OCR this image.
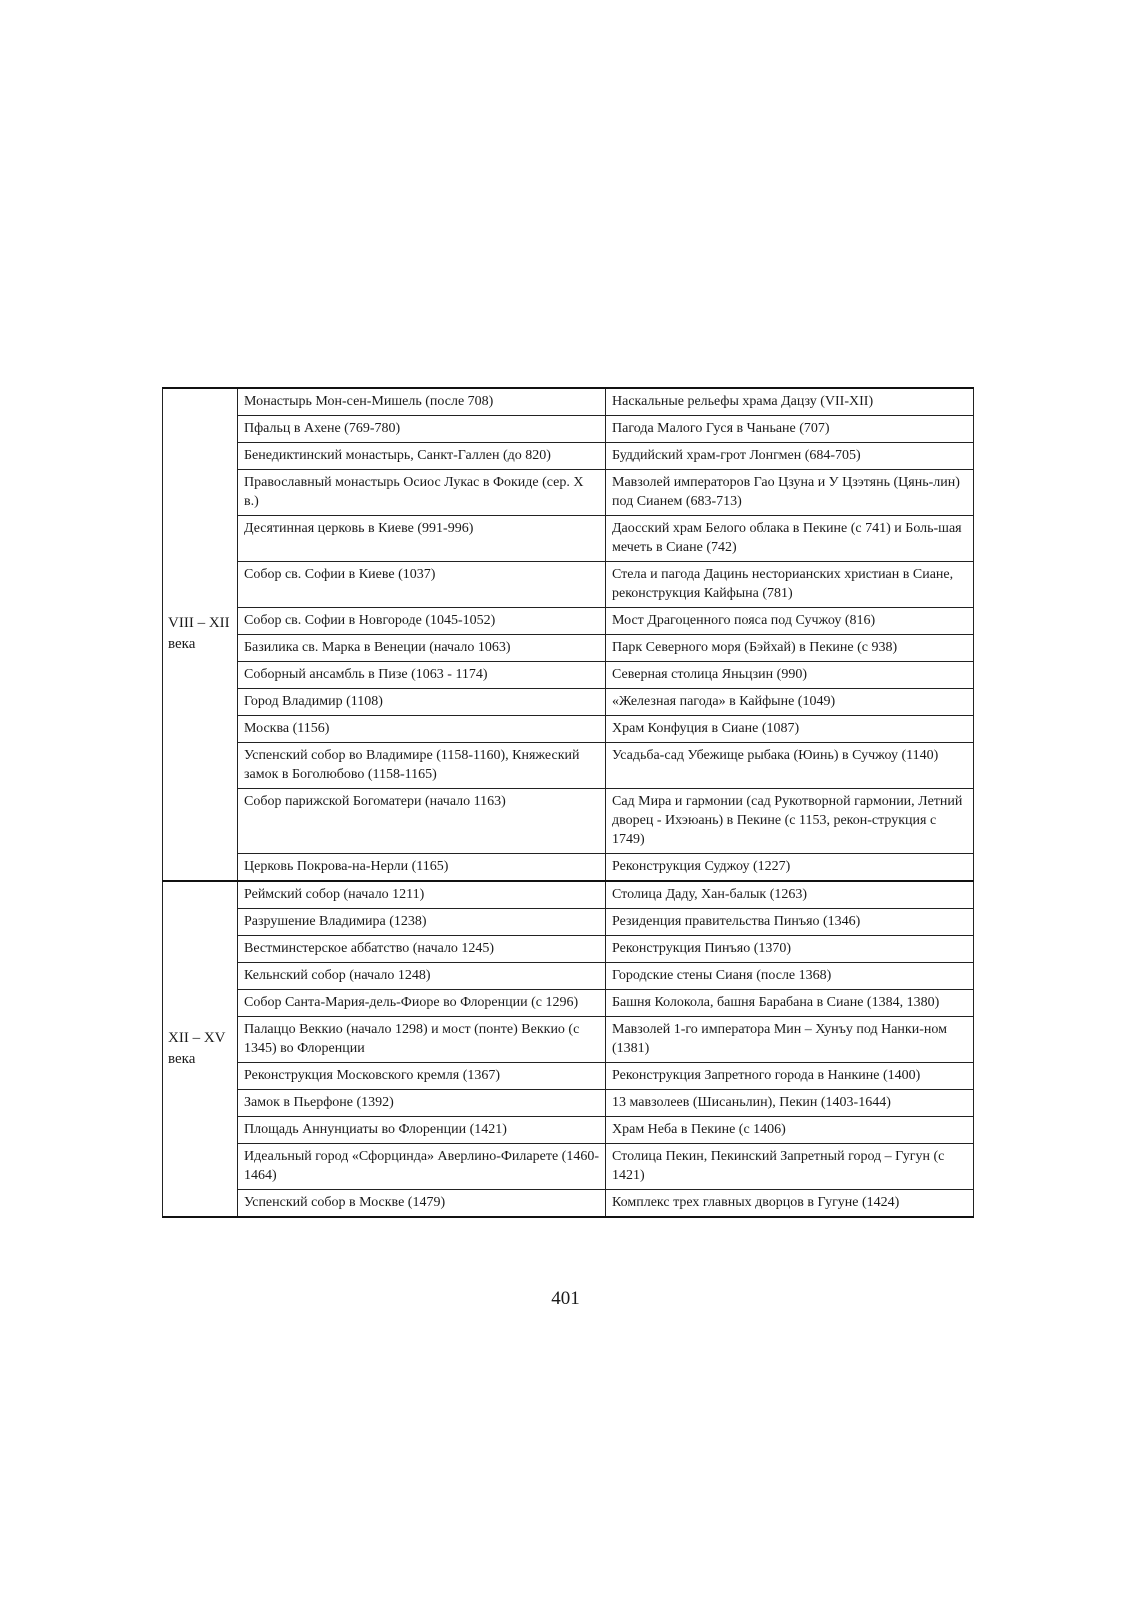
VIII – XII века	Монастырь Мон-сен-Мишель (после 708)	Наскальные рельефы храма Дацзу (VII-XII)
	Пфальц в Ахене (769-780)	Пагода Малого Гуся в Чаньане (707)
	Бенедиктинский монастырь, Санкт-Галлен (до 820)	Буддийский храм-грот Лонгмен (684-705)
	Православный монастырь Осиос Лукас в Фокиде (сер. X в.)	Мавзолей императоров Гао Цзуна и У Цзэтянь (Цянь-лин) под Сианем (683-713)
	Десятинная церковь в Киеве (991-996)	Даосский храм Белого облака в Пекине (с 741) и Боль-шая мечеть в Сиане (742)
	Собор св. Софии в Киеве (1037)	Стела и пагода Дацинь несторианских христиан в Сиане, реконструкция Кайфына (781)
	Собор св. Софии в Новгороде (1045-1052)	Мост Драгоценного пояса под Сучжоу (816)
	Базилика св. Марка в Венеции (начало 1063)	Парк Северного моря (Бэйхай) в Пекине (с 938)
	Соборный ансамбль в Пизе (1063 - 1174)	Северная столица Яньцзин (990)
	Город Владимир (1108)	«Железная пагода» в Кайфыне (1049)
	Москва (1156)	Храм Конфуция в Сиане (1087)
	Успенский собор во Владимире (1158-1160), Княжеский замок в Боголюбово (1158-1165)	Усадьба-сад Убежище рыбака (Юинь) в Сучжоу (1140)
	Собор парижской Богоматери (начало 1163)	Сад Мира и гармонии (сад Рукотворной гармонии, Летний дворец - Ихэюань) в Пекине (с 1153, рекон-струкция с 1749)
	Церковь Покрова-на-Нерли (1165)	Реконструкция Суджоу (1227)
XII – XV века	Реймский собор (начало 1211)	Столица Даду, Хан-балык (1263)
	Разрушение Владимира (1238)	Резиденция правительства Пинъяо (1346)
	Вестминстерское аббатство (начало 1245)	Реконструкция Пинъяо (1370)
	Кельнский собор (начало 1248)	Городские стены Сианя (после 1368)
	Собор Санта-Мария-дель-Фиоре во Флоренции (с 1296)	Башня Колокола, башня Барабана в Сиане (1384, 1380)
	Палаццо Веккио (начало 1298) и мост (понте) Веккио (с 1345) во Флоренции	Мавзолей 1-го императора Мин – Хунъу под Нанки-ном (1381)
	Реконструкция Московского кремля (1367)	Реконструкция Запретного города в Нанкине (1400)
	Замок в Пьерфоне (1392)	13 мавзолеев (Шисаньлин), Пекин (1403-1644)
	Площадь Аннунциаты во Флоренции (1421)	Храм Неба в Пекине (с 1406)
	Идеальный город «Сфорцинда» Аверлино-Филарете (1460-1464)	Столица Пекин, Пекинский Запретный город – Гугун (с 1421)
	Успенский собор в Москве (1479)	Комплекс трех главных дворцов в Гугуне (1424)
401
